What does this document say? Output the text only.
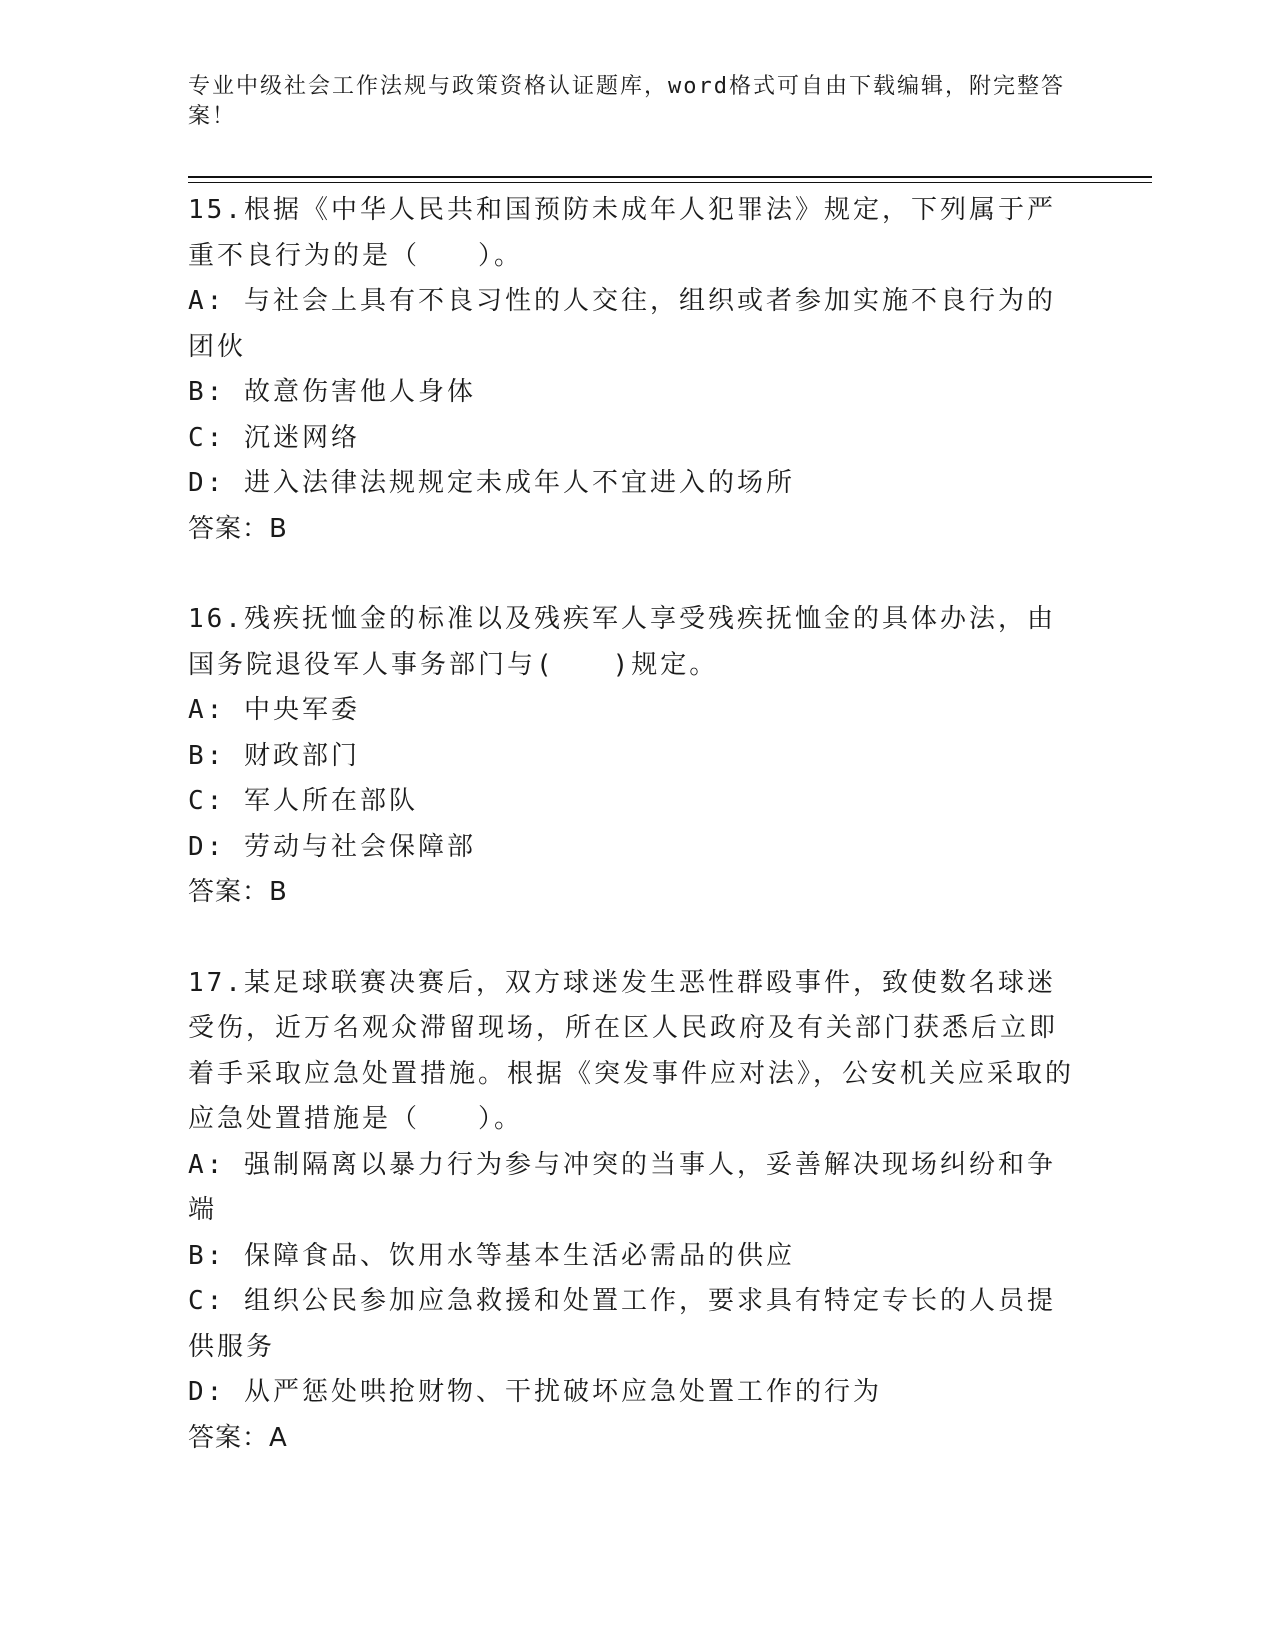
专业中级社会工作法规与政策资格认证题库，word格式可自由下载编辑，附完整答案！

15.根据《中华人民共和国预防未成年人犯罪法》规定，下列属于严重不良行为的是（　　）。

A: 与社会上具有不良习性的人交往，组织或者参加实施不良行为的团伙

B: 故意伤害他人身体

C: 沉迷网络

D: 进入法律法规规定未成年人不宜进入的场所

答案：B

16.残疾抚恤金的标准以及残疾军人享受残疾抚恤金的具体办法，由国务院退役军人事务部门与(　　)规定。

A: 中央军委

B: 财政部门

C: 军人所在部队

D: 劳动与社会保障部

答案：B

17.某足球联赛决赛后，双方球迷发生恶性群殴事件，致使数名球迷受伤，近万名观众滞留现场，所在区人民政府及有关部门获悉后立即着手采取应急处置措施。根据《突发事件应对法》，公安机关应采取的应急处置措施是（　　）。

A: 强制隔离以暴力行为参与冲突的当事人，妥善解决现场纠纷和争端

B: 保障食品、饮用水等基本生活必需品的供应

C: 组织公民参加应急救援和处置工作，要求具有特定专长的人员提供服务

D: 从严惩处哄抢财物、干扰破坏应急处置工作的行为

答案：A
